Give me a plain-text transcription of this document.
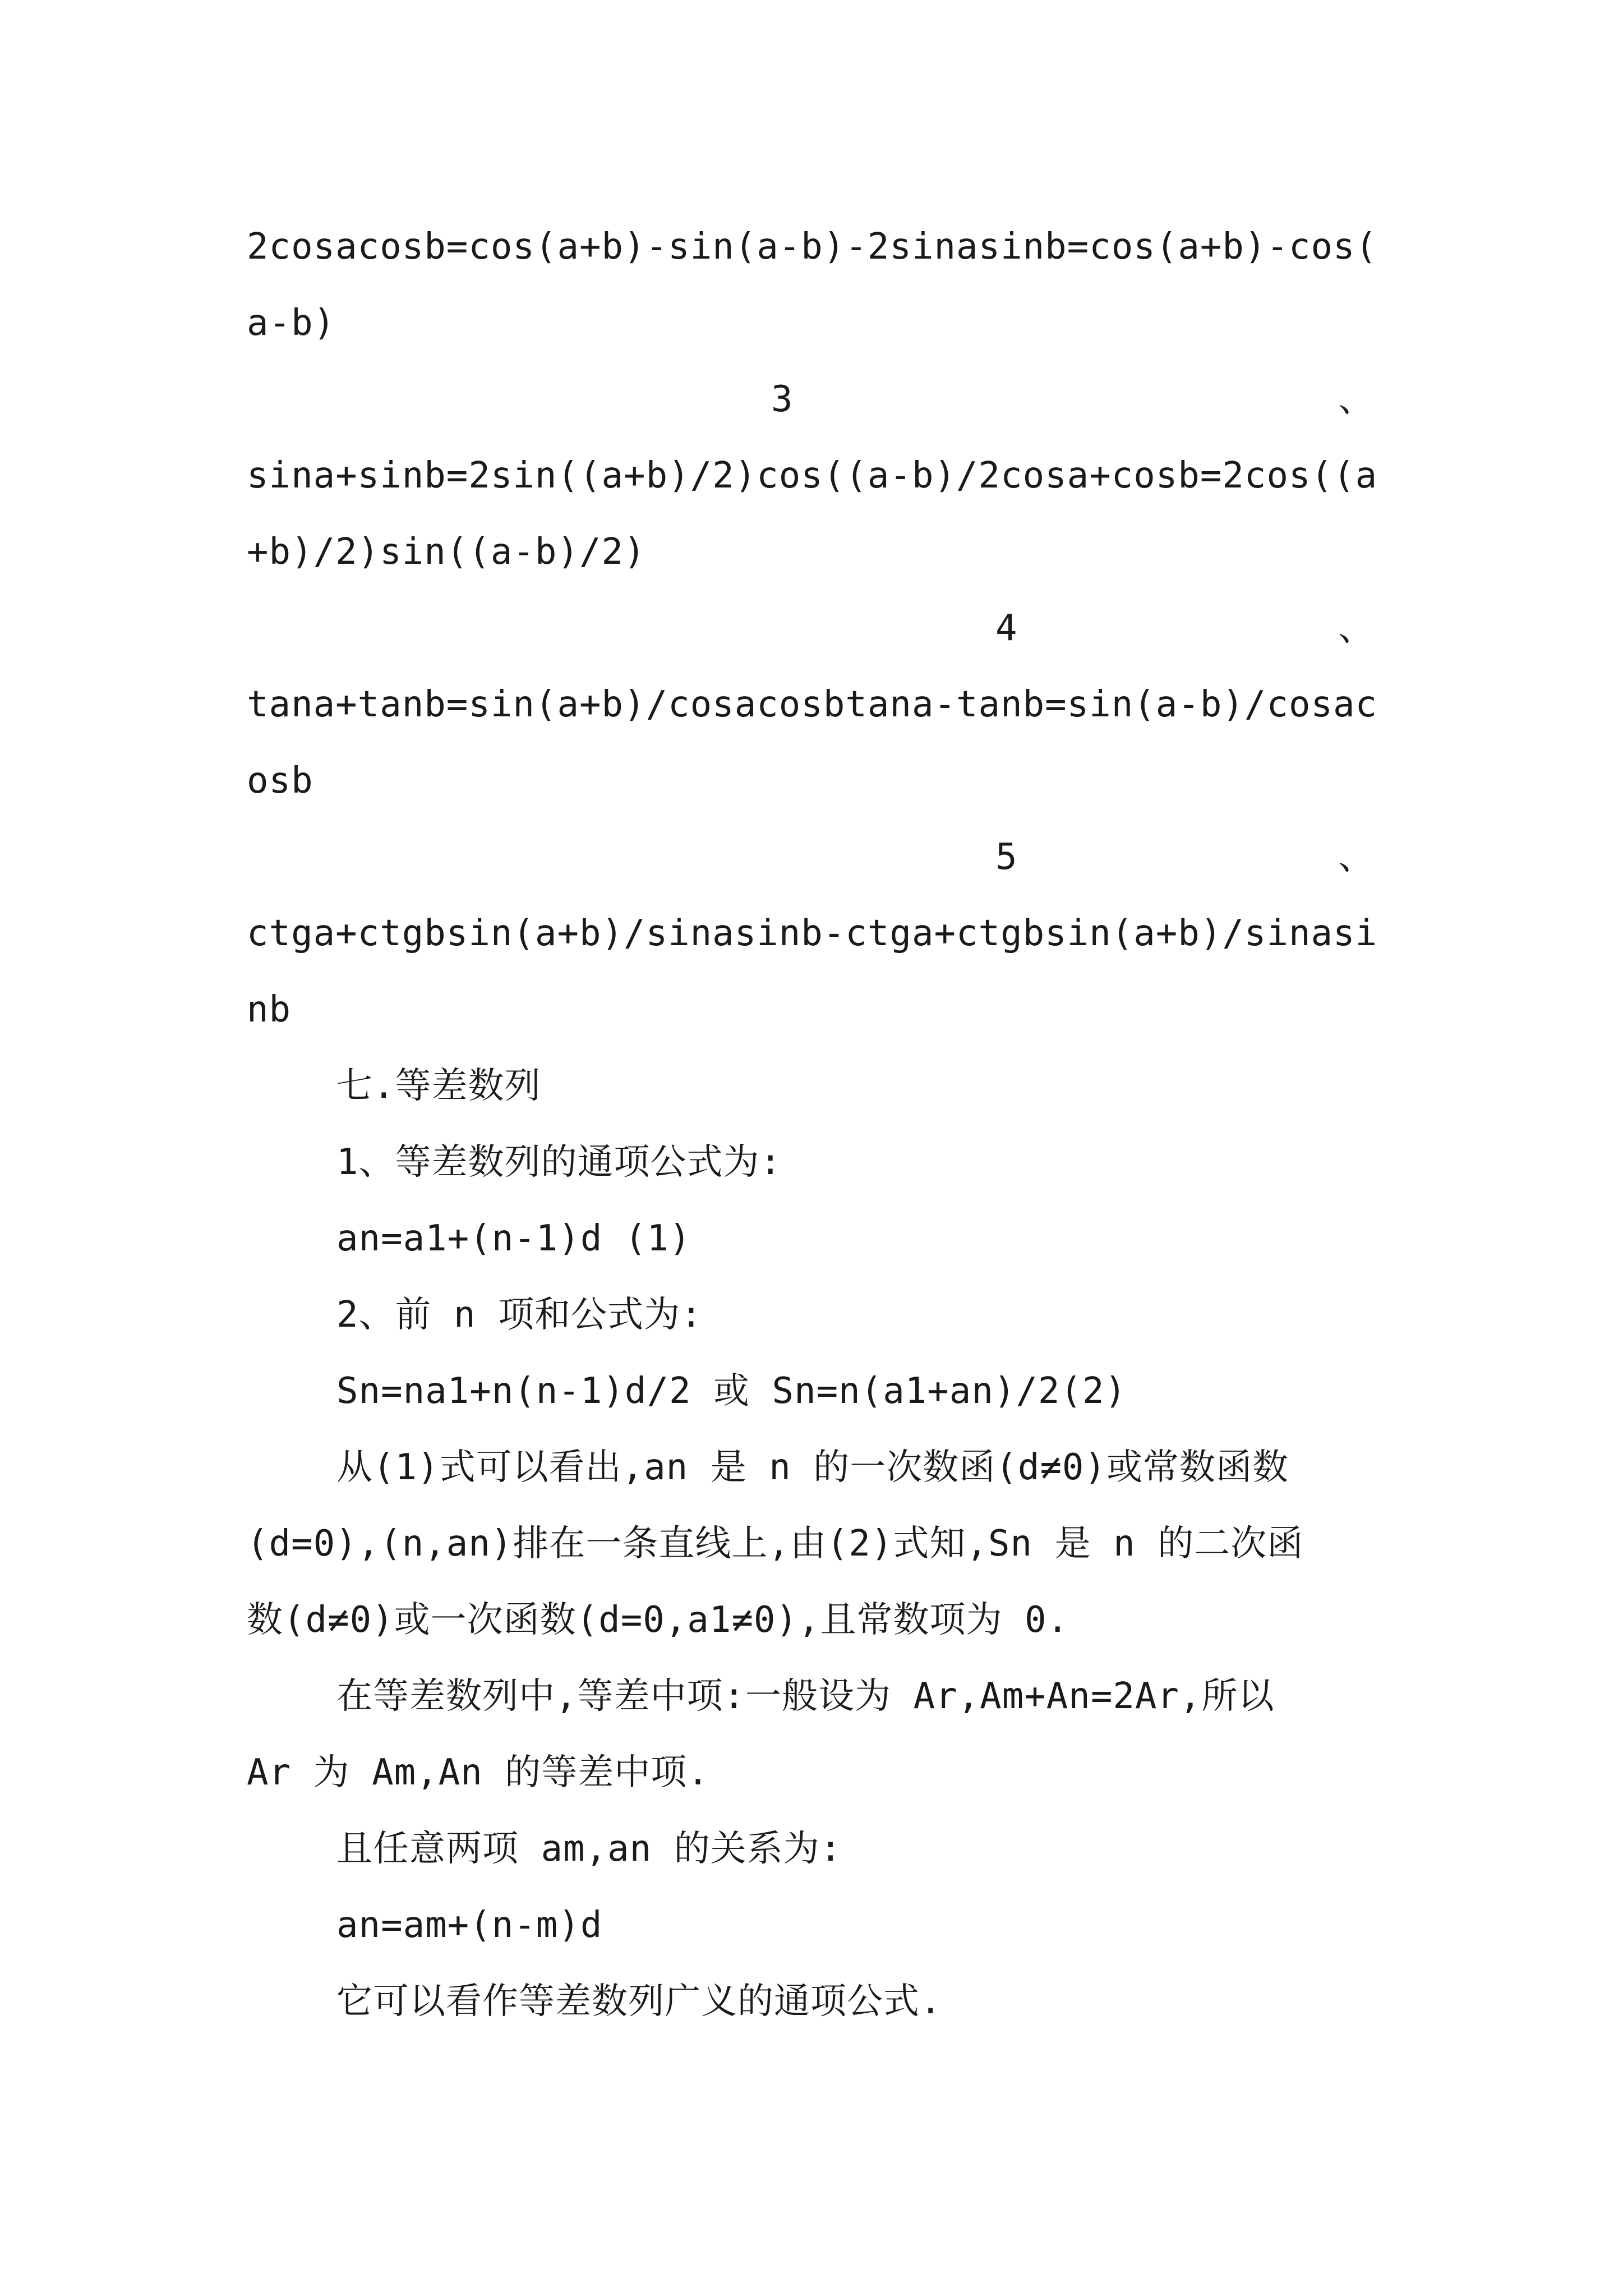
2cosacosb=cos(a+b)-sin(a-b)-2sinasinb=cos(a+b)-cos(
a-b)
3	、
sina+sinb=2sin((a+b)/2)cos((a-b)/2cosa+cosb=2cos((a
+b)/2)sin((a-b)/2)
4	、
tana+tanb=sin(a+b)/cosacosbtana-tanb=sin(a-b)/cosac
osb
5	、
ctga+ctgbsin(a+b)/sinasinb-ctga+ctgbsin(a+b)/sinasi
nb
七.等差数列
1、等差数列的通项公式为:
an=a1+(n-1)d (1)
2、前 n 项和公式为:
Sn=na1+n(n-1)d/2 或 Sn=n(a1+an)/2(2)
从(1)式可以看出,an 是 n 的一次数函(d≠0)或常数函数
(d=0),(n,an)排在一条直线上,由(2)式知,Sn 是 n 的二次函
数(d≠0)或一次函数(d=0,a1≠0),且常数项为 0.
在等差数列中,等差中项:一般设为 Ar,Am+An=2Ar,所以
Ar 为 Am,An 的等差中项.
且任意两项 am,an 的关系为:
an=am+(n-m)d
它可以看作等差数列广义的通项公式.
